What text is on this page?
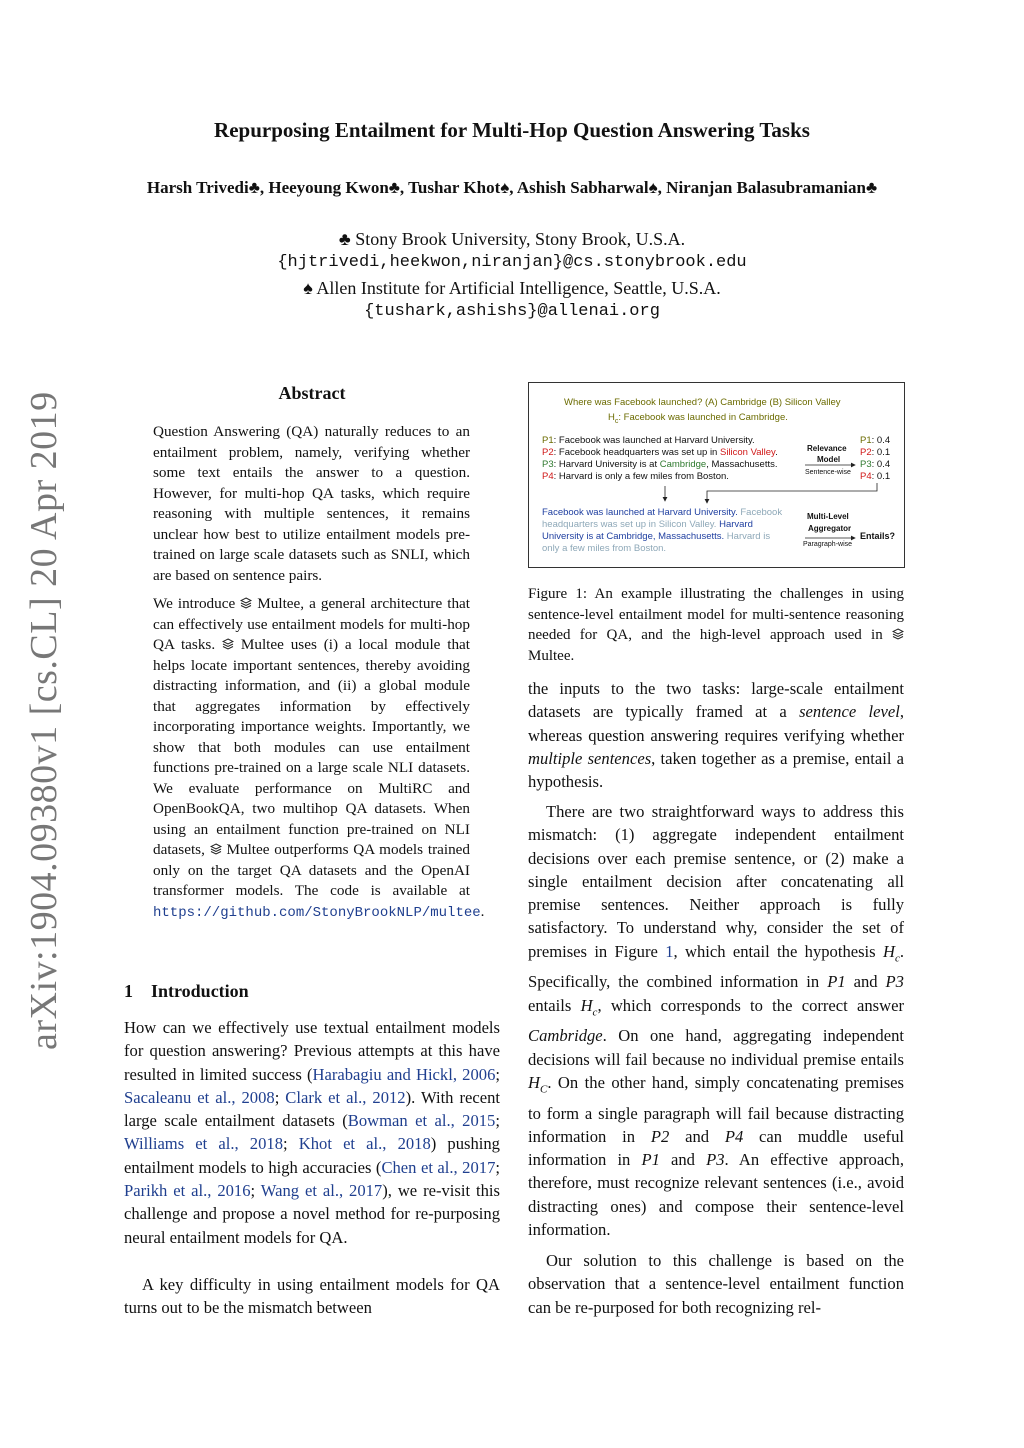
Repurposing Entailment for Multi-Hop Question Answering Tasks
Harsh Trivedi♣, Heeyoung Kwon♣, Tushar Khot♠, Ashish Sabharwal♠, Niranjan Balasubramanian♣
♣ Stony Brook University, Stony Brook, U.S.A.
{hjtrivedi,heekwon,niranjan}@cs.stonybrook.edu
♠ Allen Institute for Artificial Intelligence, Seattle, U.S.A.
{tushark,ashishs}@allenai.org
arXiv:1904.09380v1 [cs.CL] 20 Apr 2019	Abstract
Question Answering (QA) naturally reduces to an entailment problem, namely, verifying whether some text entails the answer to a question. However, for multi-hop QA tasks, which require reasoning with multiple sentences, it remains unclear how best to utilize entailment models pre-trained on large scale datasets such as SNLI, which are based on sentence pairs.
We introduce Multee, a general architecture that can effectively use entailment models for multi-hop QA tasks. Multee uses (i) a local module that helps locate important sentences, thereby avoiding distracting information, and (ii) a global module that aggregates information by effectively incorporating importance weights. Importantly, we show that both modules can use entailment functions pre-trained on a large scale NLI datasets. We evaluate performance on MultiRC and OpenBookQA, two multihop QA datasets. When using an entailment function pre-trained on NLI datasets, Multee outperforms QA models trained only on the target QA datasets and the OpenAI transformer models. The code is available at https://github.com/StonyBrookNLP/multee.
1    Introduction
How can we effectively use textual entailment models for question answering? Previous attempts at this have resulted in limited success (Harabagiu and Hickl, 2006; Sacaleanu et al., 2008; Clark et al., 2012). With recent large scale entailment datasets (Bowman et al., 2015; Williams et al., 2018; Khot et al., 2018) pushing entailment models to high accuracies (Chen et al., 2017; Parikh et al., 2016; Wang et al., 2017), we re-visit this challenge and propose a novel method for re-purposing neural entailment models for QA.
A key difficulty in using entailment models for QA turns out to be the mismatch between
Where was Facebook launched? (A) Cambridge (B) Silicon Valley
$H_c$: Facebook was launched in Cambridge.
P1: Facebook was launched at Harvard University.
P2: Facebook headquarters was set up in Silicon Valley.
P3: Harvard University is at Cambridge, Massachusetts.
P4: Harvard is only a few miles from Boston.
Relevance
Model
Sentence-wise
P1: 0.4
P2: 0.1
P3: 0.4
P4: 0.1
Facebook was launched at Harvard University. Facebook
headquarters was set up in Silicon Valley. Harvard
University is at Cambridge, Massachusetts. Harvard is
only a few miles from Boston.
Multi-Level
Aggregator
Paragraph-wise
Entails?
Figure 1: An example illustrating the challenges in using sentence-level entailment model for multi-sentence reasoning needed for QA, and the high-level approach used in  Multee.
the inputs to the two tasks: large-scale entailment datasets are typically framed at a sentence level, whereas question answering requires verifying whether multiple sentences, taken together as a premise, entail a hypothesis.
There are two straightforward ways to address this mismatch: (1) aggregate independent entailment decisions over each premise sentence, or (2) make a single entailment decision after concatenating all premise sentences. Neither approach is fully satisfactory. To understand why, consider the set of premises in Figure 1, which entail the hypothesis $H_c$. Specifically, the combined information in P1 and P3 entails $H_c$, which corresponds to the correct answer Cambridge. On one hand, aggregating independent decisions will fail because no individual premise entails $H_C$. On the other hand, simply concatenating premises to form a single paragraph will fail because distracting information in P2 and P4 can muddle useful information in P1 and P3. An effective approach, therefore, must recognize relevant sentences (i.e., avoid distracting ones) and compose their sentence-level information.
Our solution to this challenge is based on the observation that a sentence-level entailment function can be re-purposed for both recognizing rel-
